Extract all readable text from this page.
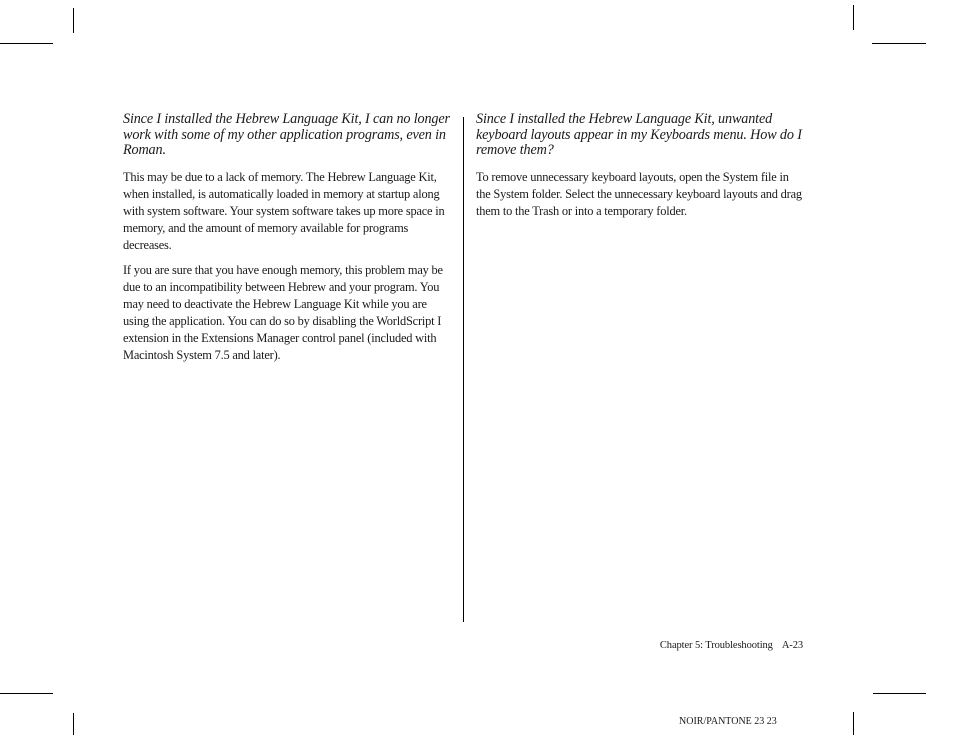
Since I installed the Hebrew Language Kit, I can no longer work with some of my other application programs, even in Roman.

This may be due to a lack of memory. The Hebrew Language Kit, when installed, is automatically loaded in memory at startup along with system software. Your system software takes up more space in memory, and the amount of memory available for programs decreases.

If you are sure that you have enough memory, this problem may be due to an incompatibility between Hebrew and your program. You may need to deactivate the Hebrew Language Kit while you are using the application. You can do so by disabling the WorldScript I extension in the Extensions Manager control panel (included with Macintosh System 7.5 and later).

Since I installed the Hebrew Language Kit, unwanted keyboard layouts appear in my Keyboards menu. How do I remove them?

To remove unnecessary keyboard layouts, open the System file in the System folder. Select the unnecessary keyboard layouts and drag them to the Trash or into a temporary folder.

Chapter 5: Troubleshooting A-23
NOIR/PANTONE 23 23
